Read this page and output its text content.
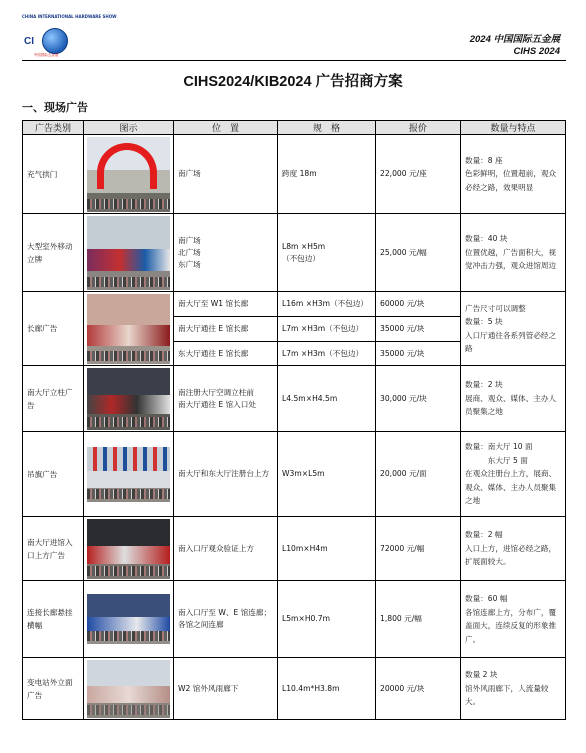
CHINA INTERNATIONAL HARDWARE SHOW
CI
中国国际五金展
2024 中国国际五金展
CIHS 2024
CIHS2024/KIB2024 广告招商方案
一、现场广告
广告类别	图示	位　置	规　格	报价	数量与特点
充气拱门		南广场	跨度 18m	22,000 元/座	数量：8 座
色彩鲜明，位置超前，观众必经之路，效果明显
大型室外移动立牌		南广场
北广场
东广场	L8m ×H5m
（不包边）	25,000 元/幅	数量：40 块
位置优越，广告面积大，视觉冲击力强，观众进馆周边
长廊广告		南大厅至 W1 馆长廊	L16m ×H3m（不包边）	60000 元/块	广告尺寸可以调整
数量：5 块
入口厅通往各系列管必经之路
		南大厅通往 E 馆长廊	L7m ×H3m（不包边）	35000 元/块	
		东大厅通往 E 馆长廊	L7m ×H3m（不包边）	35000 元/块	
南大厅立柱广告		南注册大厅空调立柱前
南大厅通往 E 馆入口处	L4.5m×H4.5m	30,000 元/块	数量：2 块
展商、观众、媒体、主办人员聚集之地
吊旗广告		南大厅和东大厅注册台上方	W3m×L5m	20,000 元/面	数量：南大厅 10 面
　　　东大厅 5 面
在观众注册台上方，展商、观众、媒体、主办人员聚集之地
南大厅进馆入口上方广告		南入口厅观众验证上方	L10m×H4m	72000 元/幅	数量：2 幅
入口上方，进馆必经之路，扩展面较大。
连接长廊悬挂横幅		南入口厅至 W、E 馆连廊；各馆之间连廊	L5m×H0.7m	1,800 元/幅	数量：60 幅
各馆连廊上方，分布广，覆盖面大，连续反复的形象推广。
变电站外立面广告		W2 馆外风雨廊下	L10.4m*H3.8m	20000 元/块	数量 2 块
馆外风雨廊下，人流量较大。
